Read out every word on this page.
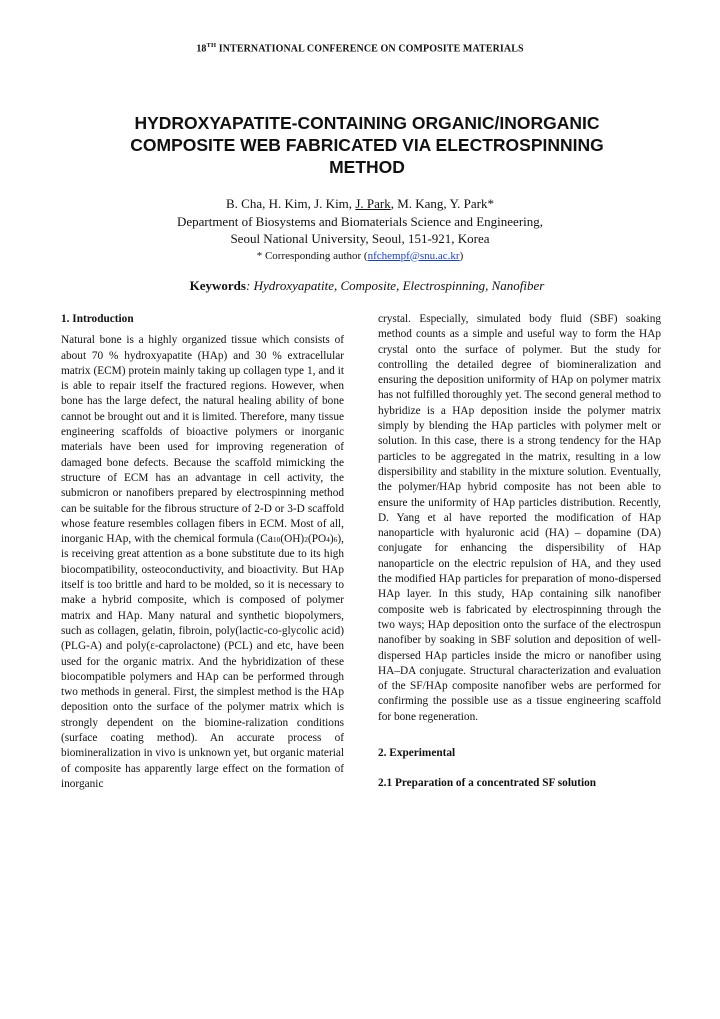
18TH INTERNATIONAL CONFERENCE ON COMPOSITE MATERIALS
HYDROXYAPATITE-CONTAINING ORGANIC/INORGANIC
COMPOSITE WEB FABRICATED VIA ELECTROSPINNING
METHOD
B. Cha, H. Kim, J. Kim, J. Park, M. Kang, Y. Park*
Department of Biosystems and Biomaterials Science and Engineering,
Seoul National University, Seoul, 151-921, Korea
* Corresponding author (nfchempf@snu.ac.kr)
Keywords: Hydroxyapatite, Composite, Electrospinning, Nanofiber
1. Introduction

Natural bone is a highly organized tissue which consists of about 70 % hydroxyapatite (HAp) and 30 % extracellular matrix (ECM) protein mainly taking up collagen type 1, and it is able to repair itself the fractured regions. However, when bone has the large defect, the natural healing ability of bone cannot be brought out and it is limited. Therefore, many tissue engineering scaffolds of bioactive polymers or inorganic materials have been used for improving regeneration of damaged bone defects. Because the scaffold mimicking the structure of ECM has an advantage in cell activity, the submicron or nanofibers prepared by electrospinning method can be suitable for the fibrous structure of 2-D or 3-D scaffold whose feature resembles collagen fibers in ECM. Most of all, inorganic HAp, with the chemical formula (Ca10(OH)2(PO4)6), is receiving great attention as a bone substitute due to its high biocompatibility, osteoconductivity, and bioactivity. But HAp itself is too brittle and hard to be molded, so it is necessary to make a hybrid composite, which is composed of polymer matrix and HAp. Many natural and synthetic biopolymers, such as collagen, gelatin, fibroin, poly(lactic-co-glycolic acid) (PLG-A) and poly(ε-caprolactone) (PCL) and etc, have been used for the organic matrix. And the hybridization of these biocompatible polymers and HAp can be performed through two methods in general. First, the simplest method is the HAp deposition onto the surface of the polymer matrix which is strongly dependent on the biomine-ralization conditions (surface coating method). An accurate process of biomineralization in vivo is unknown yet, but organic material of composite has apparently large effect on the formation of inorganic

crystal. Especially, simulated body fluid (SBF) soaking method counts as a simple and useful way to form the HAp crystal onto the surface of polymer. But the study for controlling the detailed degree of biomineralization and ensuring the deposition uniformity of HAp on polymer matrix has not fulfilled thoroughly yet. The second general method to hybridize is a HAp deposition inside the polymer matrix simply by blending the HAp particles with polymer melt or solution. In this case, there is a strong tendency for the HAp particles to be aggregated in the matrix, resulting in a low dispersibility and stability in the mixture solution. Eventually, the polymer/HAp hybrid composite has not been able to ensure the uniformity of HAp particles distribution. Recently, D. Yang et al have reported the modification of HAp nanoparticle with hyaluronic acid (HA) – dopamine (DA) conjugate for enhancing the dispersibility of HAp nanoparticle on the electric repulsion of HA, and they used the modified HAp particles for preparation of mono-dispersed HAp layer. In this study, HAp containing silk nanofiber composite web is fabricated by electrospinning through the two ways; HAp deposition onto the surface of the electrospun nanofiber by soaking in SBF solution and deposition of well-dispersed HAp particles inside the micro or nanofiber using HA–DA conjugate. Structural characterization and evaluation of the SF/HAp composite nanofiber webs are performed for confirming the possible use as a tissue engineering scaffold for bone regeneration.

2. Experimental
2.1 Preparation of a concentrated SF solution
